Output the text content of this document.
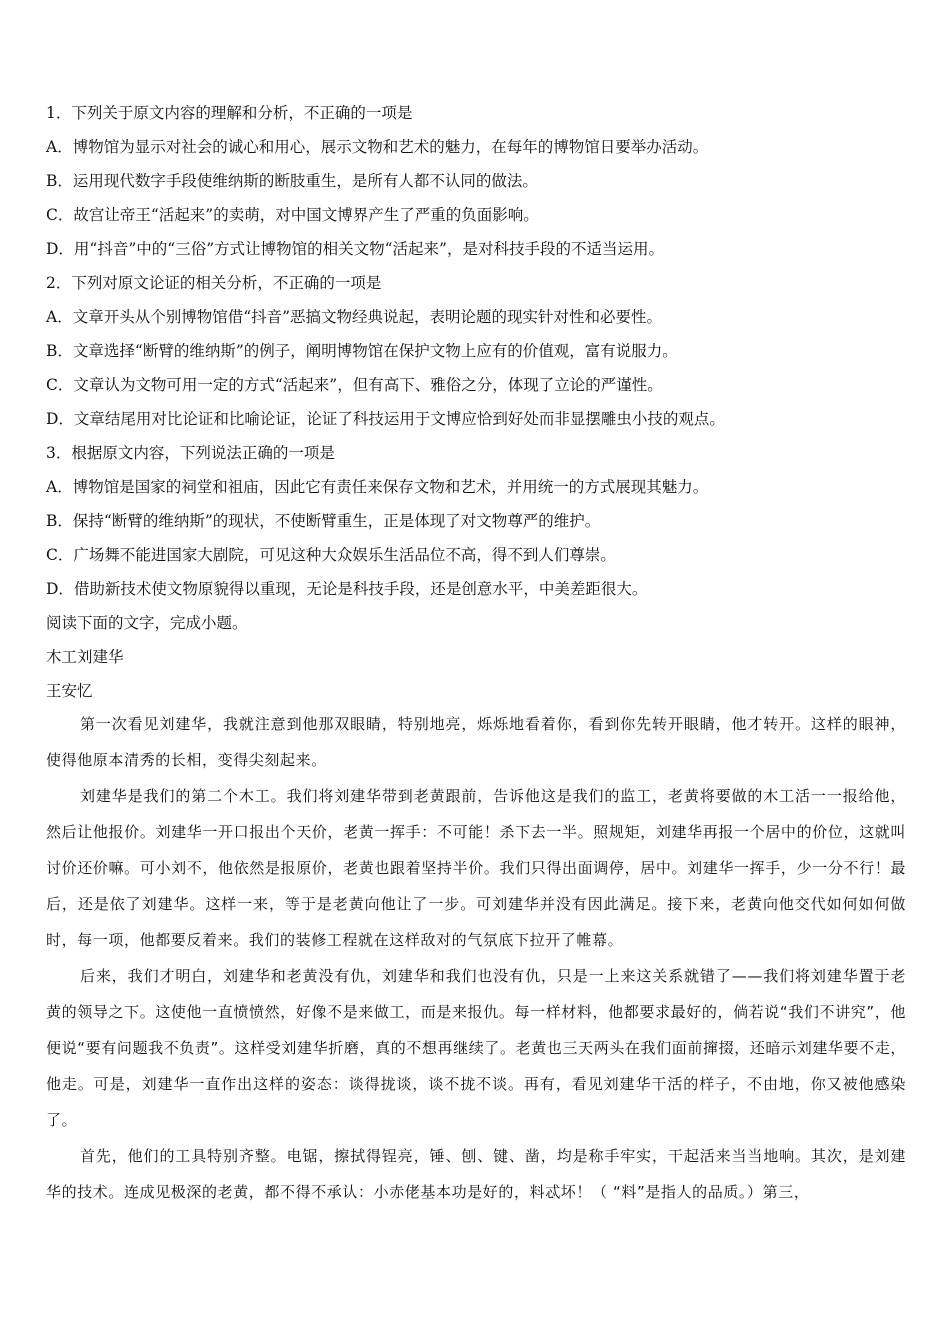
1．下列关于原文内容的理解和分析，不正确的一项是
A．博物馆为显示对社会的诚心和用心，展示文物和艺术的魅力，在每年的博物馆日要举办活动。
B．运用现代数字手段使维纳斯的断肢重生，是所有人都不认同的做法。
C．故宫让帝王“活起来”的卖萌，对中国文博界产生了严重的负面影响。
D．用“抖音”中的“三俗”方式让博物馆的相关文物“活起来”，是对科技手段的不适当运用。
2．下列对原文论证的相关分析，不正确的一项是
A．文章开头从个别博物馆借“抖音”恶搞文物经典说起，表明论题的现实针对性和必要性。
B．文章选择“断臂的维纳斯”的例子，阐明博物馆在保护文物上应有的价值观，富有说服力。
C．文章认为文物可用一定的方式“活起来”，但有高下、雅俗之分，体现了立论的严谨性。
D．文章结尾用对比论证和比喻论证，论证了科技运用于文博应恰到好处而非显摆雕虫小技的观点。
3．根据原文内容，下列说法正确的一项是
A．博物馆是国家的祠堂和祖庙，因此它有责任来保存文物和艺术，并用统一的方式展现其魅力。
B．保持“断臂的维纳斯”的现状，不使断臂重生，正是体现了对文物尊严的维护。
C．广场舞不能进国家大剧院，可见这种大众娱乐生活品位不高，得不到人们尊崇。
D．借助新技术使文物原貌得以重现，无论是科技手段，还是创意水平，中美差距很大。
阅读下面的文字，完成小题。
木工刘建华
王安忆

第一次看见刘建华，我就注意到他那双眼睛，特别地亮，烁烁地看着你，看到你先转开眼睛，他才转开。这样的眼神，使得他原本清秀的长相，变得尖刻起来。

刘建华是我们的第二个木工。我们将刘建华带到老黄跟前，告诉他这是我们的监工，老黄将要做的木工活一一报给他，然后让他报价。刘建华一开口报出个天价，老黄一挥手：不可能！杀下去一半。照规矩，刘建华再报一个居中的价位，这就叫讨价还价嘛。可小刘不，他依然是报原价，老黄也跟着坚持半价。我们只得出面调停，居中。刘建华一挥手，少一分不行！最后，还是依了刘建华。这样一来，等于是老黄向他让了一步。可刘建华并没有因此满足。接下来，老黄向他交代如何如何做时，每一项，他都要反着来。我们的装修工程就在这样敌对的气氛底下拉开了帷幕。

后来，我们才明白，刘建华和老黄没有仇，刘建华和我们也没有仇，只是一上来这关系就错了——我们将刘建华置于老黄的领导之下。这使他一直愤愤然，好像不是来做工，而是来报仇。每一样材料，他都要求最好的，倘若说“我们不讲究”，他便说“要有问题我不负责”。这样受刘建华折磨，真的不想再继续了。老黄也三天两头在我们面前撺掇，还暗示刘建华要不走，他走。可是，刘建华一直作出这样的姿态：谈得拢谈，谈不拢不谈。再有，看见刘建华干活的样子，不由地，你又被他感染了。

首先，他们的工具特别齐整。电锯，擦拭得锃亮，锤、刨、键、凿，均是称手牢实，干起活来当当地响。其次，是刘建华的技术。连成见极深的老黄，都不得不承认：小赤佬基本功是好的，料忒坏！（ “料”是指人的品质。）第三，
